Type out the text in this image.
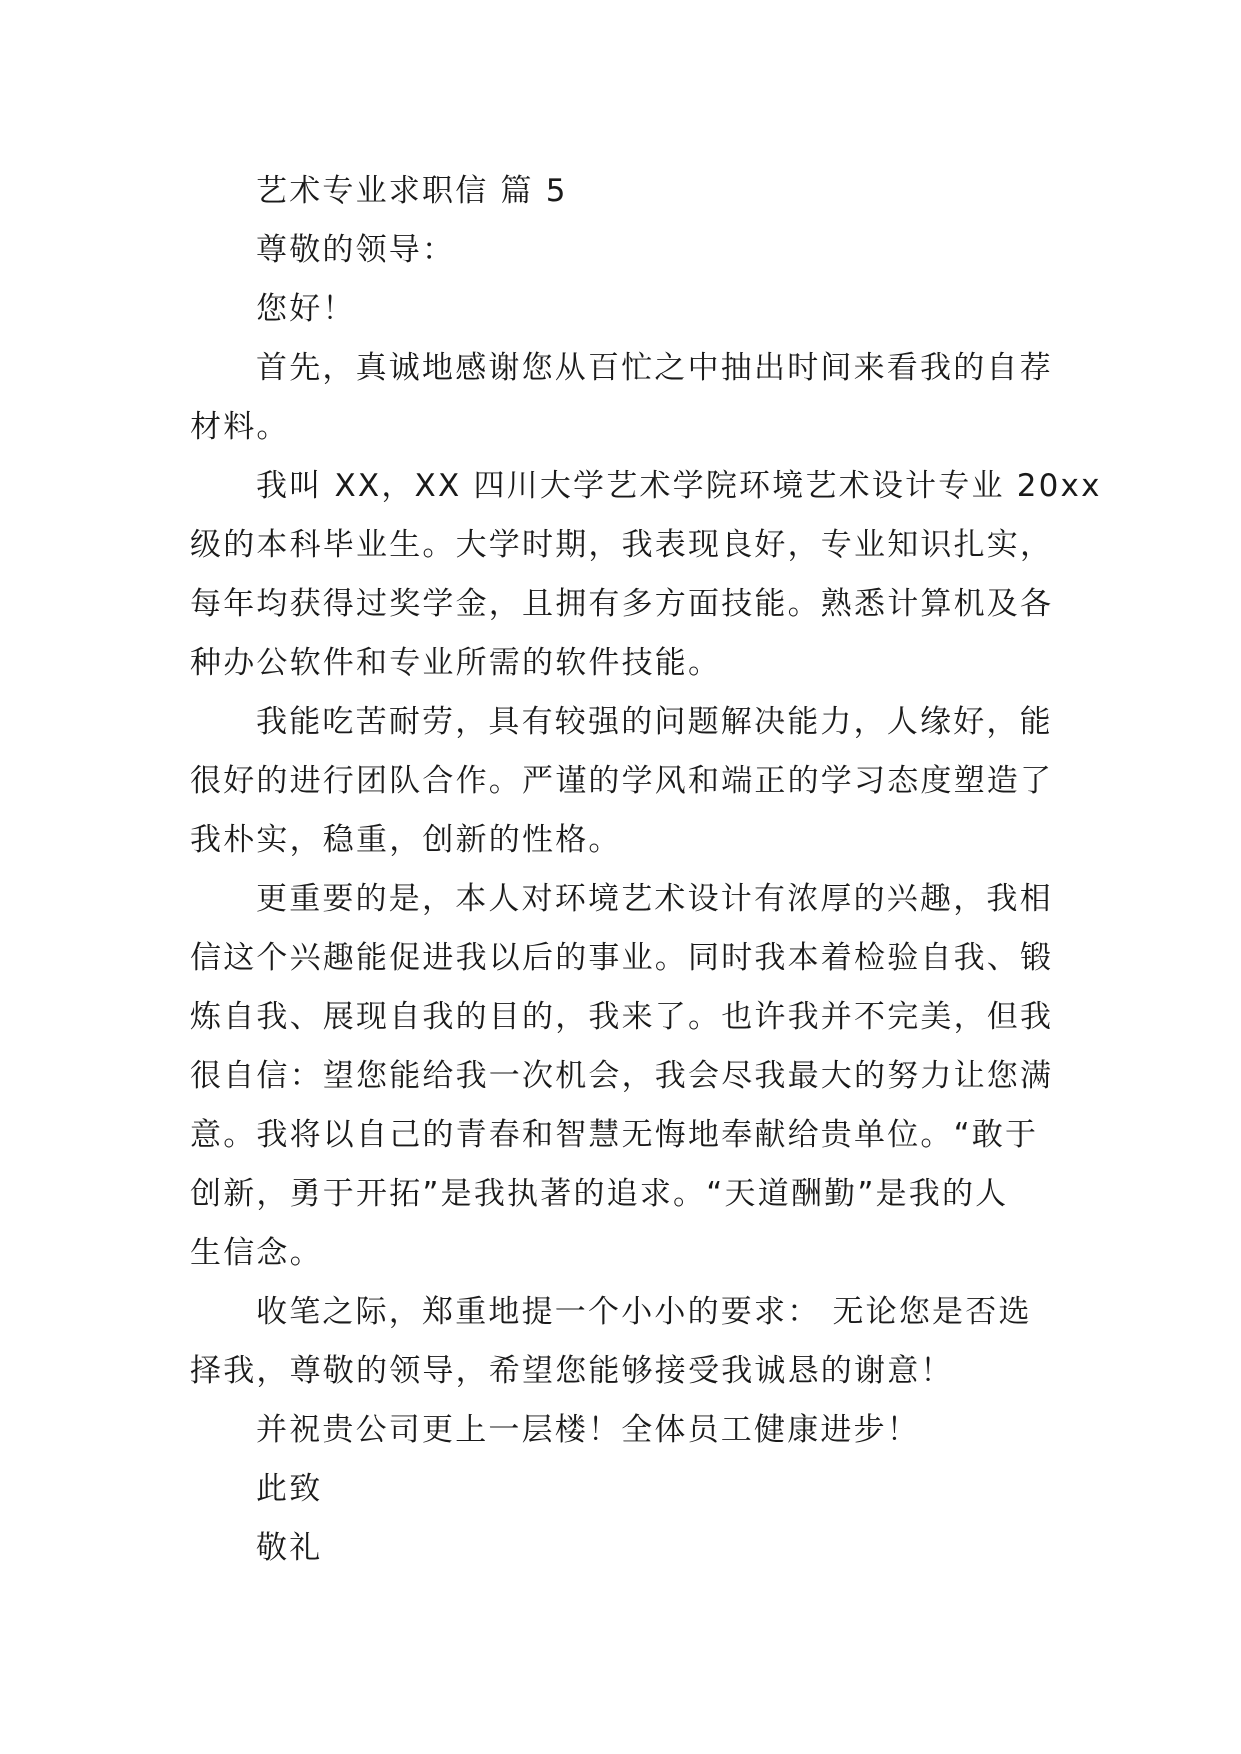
艺术专业求职信 篇 5
尊敬的领导：
您好！
首先，真诚地感谢您从百忙之中抽出时间来看我的自荐
材料。
我叫 XX，XX 四川大学艺术学院环境艺术设计专业 20xx
级的本科毕业生。大学时期，我表现良好，专业知识扎实，
每年均获得过奖学金，且拥有多方面技能。熟悉计算机及各
种办公软件和专业所需的软件技能。
我能吃苦耐劳，具有较强的问题解决能力，人缘好，能
很好的进行团队合作。严谨的学风和端正的学习态度塑造了
我朴实，稳重，创新的性格。
更重要的是，本人对环境艺术设计有浓厚的兴趣，我相
信这个兴趣能促进我以后的事业。同时我本着检验自我、锻
炼自我、展现自我的目的，我来了。也许我并不完美，但我
很自信：望您能给我一次机会，我会尽我最大的努力让您满
意。我将以自己的青春和智慧无悔地奉献给贵单位。“敢于
创新，勇于开拓”是我执著的追求。“天道酬勤”是我的人
生信念。
收笔之际，郑重地提一个小小的要求： 无论您是否选
择我，尊敬的领导，希望您能够接受我诚恳的谢意！
并祝贵公司更上一层楼！全体员工健康进步！
此致
敬礼
